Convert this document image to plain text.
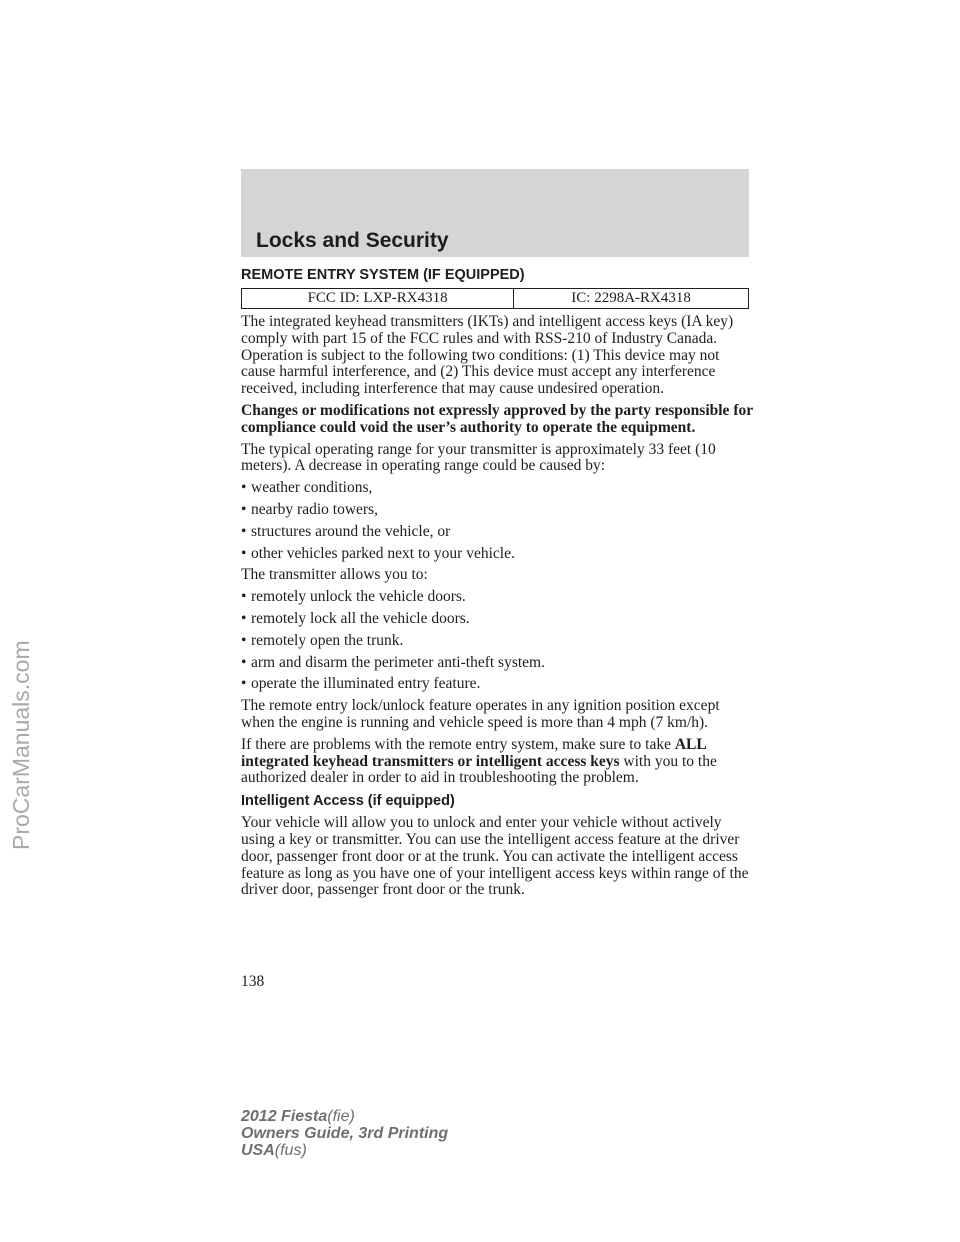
Locks and Security
REMOTE ENTRY SYSTEM (IF EQUIPPED)
FCC ID: LXP-RX4318	IC: 2298A-RX4318

The integrated keyhead transmitters (IKTs) and intelligent access keys (IA key) comply with part 15 of the FCC rules and with RSS-210 of Industry Canada. Operation is subject to the following two conditions: (1) This device may not cause harmful interference, and (2) This device must accept any interference received, including interference that may cause undesired operation.

Changes or modifications not expressly approved by the party responsible for compliance could void the user’s authority to operate the equipment.

The typical operating range for your transmitter is approximately 33 feet (10 meters). A decrease in operating range could be caused by:

• weather conditions,
• nearby radio towers,
• structures around the vehicle, or
• other vehicles parked next to your vehicle.

The transmitter allows you to:

• remotely unlock the vehicle doors.
• remotely lock all the vehicle doors.
• remotely open the trunk.
• arm and disarm the perimeter anti-theft system.
• operate the illuminated entry feature.

The remote entry lock/unlock feature operates in any ignition position except when the engine is running and vehicle speed is more than 4 mph (7 km/h).

If there are problems with the remote entry system, make sure to take ALL integrated keyhead transmitters or intelligent access keys with you to the authorized dealer in order to aid in troubleshooting the problem.

Intelligent Access (if equipped)

Your vehicle will allow you to unlock and enter your vehicle without actively using a key or transmitter. You can use the intelligent access feature at the driver door, passenger front door or at the trunk. You can activate the intelligent access feature as long as you have one of your intelligent access keys within range of the driver door, passenger front door or the trunk.

138
2012 Fiesta(fie)
Owners Guide, 3rd Printing
USA(fus)
ProCarManuals.com
